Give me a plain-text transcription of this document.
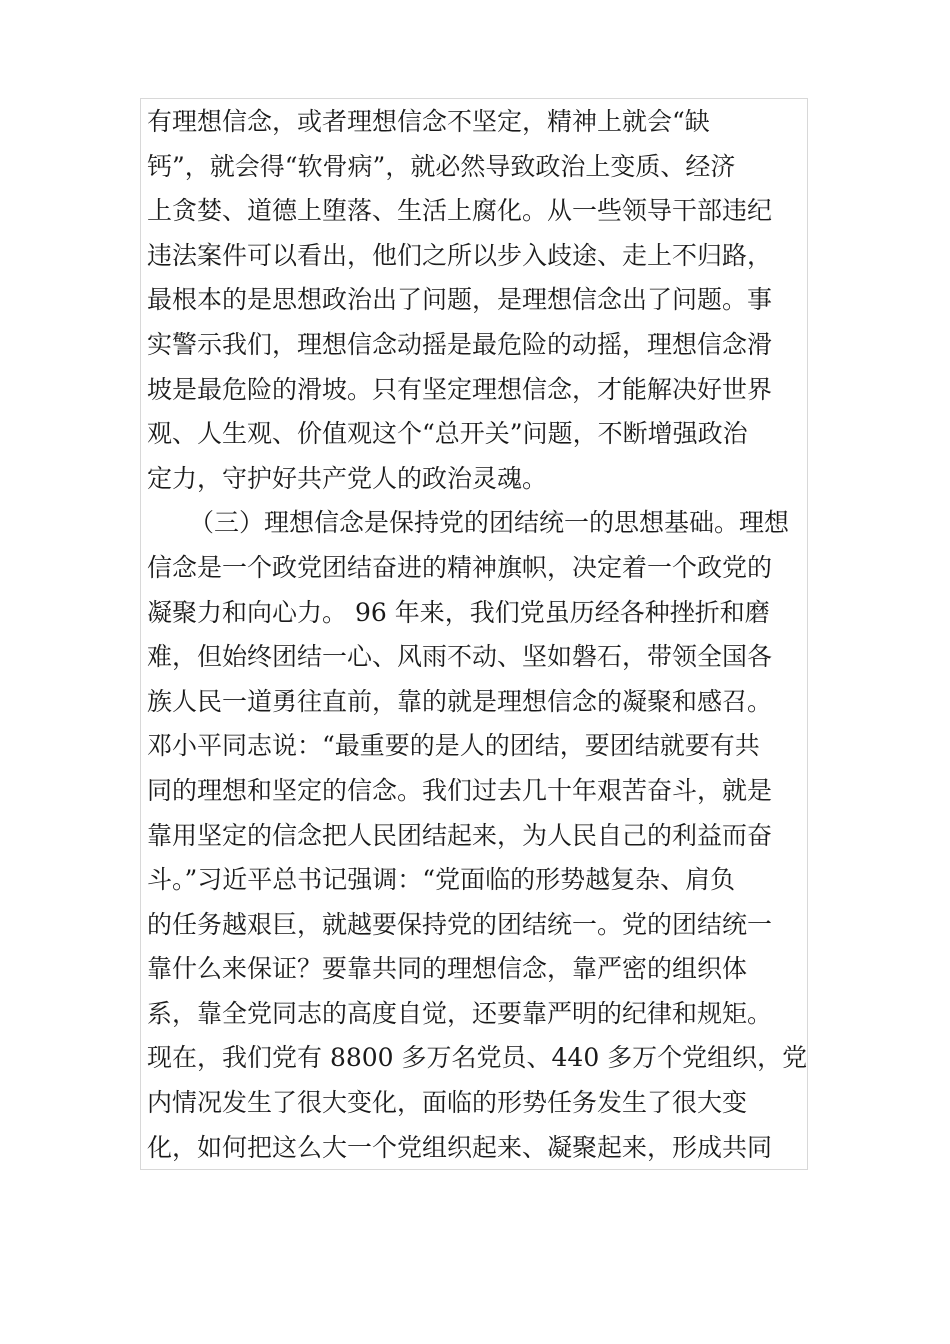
有理想信念，或者理想信念不坚定，精神上就会“缺
钙”，就会得“软骨病”，就必然导致政治上变质、经济
上贪婪、道德上堕落、生活上腐化。从一些领导干部违纪
违法案件可以看出，他们之所以步入歧途、走上不归路，
最根本的是思想政治出了问题，是理想信念出了问题。事
实警示我们，理想信念动摇是最危险的动摇，理想信念滑
坡是最危险的滑坡。只有坚定理想信念，才能解决好世界
观、人生观、价值观这个“总开关”问题，不断增强政治
定力，守护好共产党人的政治灵魂。
（三）理想信念是保持党的团结统一的思想基础。理想
信念是一个政党团结奋进的精神旗帜，决定着一个政党的
凝聚力和向心力。 96 年来，我们党虽历经各种挫折和磨
难，但始终团结一心、风雨不动、坚如磐石，带领全国各
族人民一道勇往直前，靠的就是理想信念的凝聚和感召。
邓小平同志说：“最重要的是人的团结，要团结就要有共
同的理想和坚定的信念。我们过去几十年艰苦奋斗，就是
靠用坚定的信念把人民团结起来，为人民自己的利益而奋
斗。”习近平总书记强调：“党面临的形势越复杂、肩负
的任务越艰巨，就越要保持党的团结统一。党的团结统一
靠什么来保证？要靠共同的理想信念，靠严密的组织体
系，靠全党同志的高度自觉，还要靠严明的纪律和规矩。
现在，我们党有 8800 多万名党员、440 多万个党组织，党
内情况发生了很大变化，面临的形势任务发生了很大变
化，如何把这么大一个党组织起来、凝聚起来，形成共同
